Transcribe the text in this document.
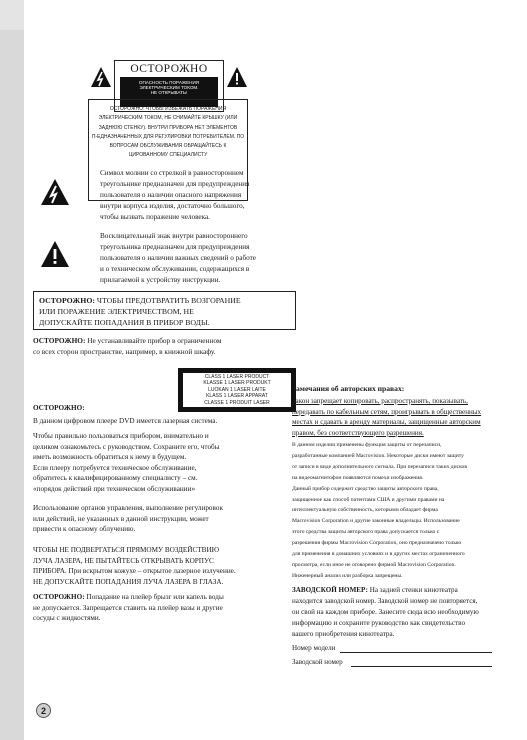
ОСТОРОЖНО
ОПАСНОСТЬ ПОРАЖЕНИЯ
ЭЛЕКТРИЧЕСКИМ ТОКОМ.
НЕ ОТКРЫВАТЬ!
ОСТОРОЖНО: ЧТОБЫ ИЗБЕЖАТЬ ПОРАЖЕНИЯ
ЭЛЕКТРИЧЕСКИМ ТОКОМ, НЕ СНИМАЙТЕ КРЫШКУ (ИЛИ
ЗАДНЮЮ СТЕНКУ). ВНУТРИ ПРИБОРА НЕТ ЭЛЕМЕНТОВ
П-ЕДНАЗНАЧЕННЫХ ДЛЯ РЕГУЛИРОВКИ ПОТРЕБИТЕЛЕМ. ПО
ВОПРОСАМ ОБСЛУЖИВАНИЯ ОБРАЩАЙТЕСЬ К
ЦИРОВАННОМУ СПЕЦИАЛИСТУ
Символ молнии со стрелкой в равностороннем
треугольнике предназначен для предупреждения
пользователя о наличии опасного напряжения
внутри корпуса изделия, достаточно большого,
чтобы вызвать поражение человека.
Восклицательный знак внутри равностороннего
треугольника предназначен для предупреждения
пользователя о наличии важных сведений о работе
и о техническом обслуживании, содержащихся в
прилагаемой к устройству инструкции.
ОСТОРОЖНО: ЧТОБЫ ПРЕДОТВРАТИТЬ ВОЗГОРАНИЕ
ИЛИ ПОРАЖЕНИЕ ЭЛЕКТРИЧЕСТВОМ, НЕ
ДОПУСКАЙТЕ ПОПАДАНИЯ В ПРИБОР ВОДЫ.
ОСТОРОЖНО: Не устанавливайте прибор в ограниченном
со всех сторон пространстве, например, в книжной шкафу.
CLASS 1 LASER PRODUCT
KLASSE 1 LASER PRODUKT
LUOKAN 1 LASER LAITE
KLASS 1 LASER APPARAT
CLASSE 1 PRODUIT LASER
ОСТОРОЖНО:
В данном цифровом плеере DVD имеется лазерная система.
Чтобы правильно пользоваться прибором, внимательно и
целиком ознакомьтесь с руководством. Сохраните его, чтобы
иметь возможность обратиться к нему в будущем.
Если плееру потребуется техническое обслуживание,
обратитесь к квалифицированному специалисту – см.
«порядок действий при техническом обслуживании»
Использование органов управления, выполнение регулировок
или действий, не указанных в данной инструкции, может
привести к опасному облучению.
ЧТОБЫ НЕ ПОДВЕРГАТЬСЯ ПРЯМОМУ ВОЗДЕЙСТВИЮ
ЛУЧА ЛАЗЕРА, НЕ ПЫТАЙТЕСЬ ОТКРЫВАТЬ КОРПУС
ПРИБОРА. При вскрытом кожухе – открытое лазерное излучение.
НЕ ДОПУСКАЙТЕ ПОПАДАНИЯ ЛУЧА ЛАЗЕРА В ГЛАЗА.
ОСТОРОЖНО: Попадание на плейер брызг или капель воды
не допускается. Запрещается ставить на плейер вазы и другие
сосуды с жидкостями.
Замечания об авторских правах:
Закон запрещает копировать, распространять, показывать,
передавать по кабельным сетям, проигрывать в общественных
местах и сдавать в аренду материалы, защищенные авторским
правом, без соответствующего разрешения.
В данном изделии применены функция защиты от перезаписи,
разработанные компанией Macrovision. Некоторые диски имеют защиту
от записи в виде дополнительного сигнала. При перезаписи таких дисков
на видеомагнитофон появляются помехи изображения.
Данный прибор содержит средство защиты авторского права,
защищенное как способ патентами США и другими правами на
интеллектуальную собственность, которыми обладает фирма
Macrovision Corporation и другие законные владельцы. Использование
этого средства защиты авторского права допускается только с
разрешения фирмы Macrovision Corporation, оно предназначено только
для применения в домашних условиях и в других местах ограниченного
просмотра, если иное не оговорено фирмой Macrovision Corporation.
Инженерный анализ или разборка запрещены.
ЗАВОДСКОЙ НОМЕР: На задней стенки кинотеатра
находится заводской номер. Заводской номер не повторяется,
он свой на каждом приборе. Занесите сюда всю необходимую
информацию и сохраните руководство как свидетельство
вашего приобретения кинотеатра.
Номер модели
Заводской номер
2
